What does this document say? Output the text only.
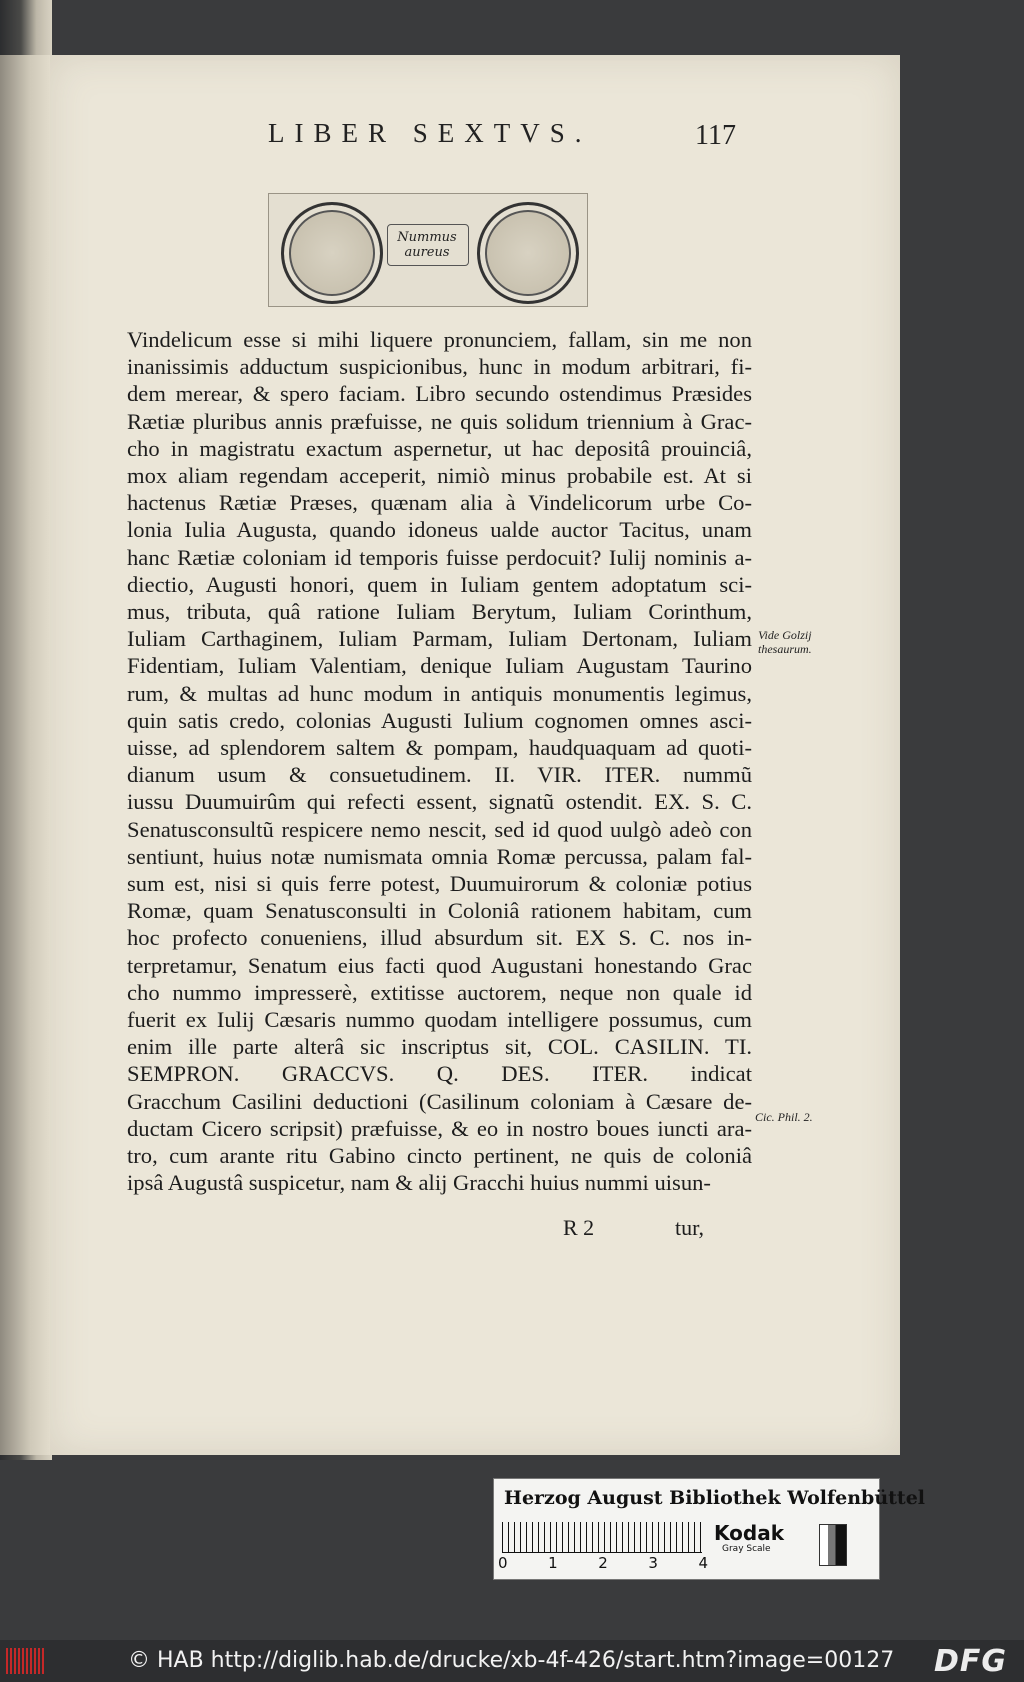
LIBER SEXTVS.	117
Nummus
aureus
Vindelicum esse si mihi liquere pronunciem, fallam, sin me non
inanissimis adductum suspicionibus, hunc in modum arbitrari, fi-
dem merear, & spero faciam. Libro secundo ostendimus Præsides
Rætiæ pluribus annis præfuisse, ne quis solidum triennium à Grac-
cho in magistratu exactum aspernetur, ut hac depositâ prouinciâ,
mox aliam regendam acceperit, nimiò minus probabile est. At si
hactenus Rætiæ Præses, quænam alia à Vindelicorum urbe Co-
lonia Iulia Augusta, quando idoneus ualde auctor Tacitus, unam
hanc Rætiæ coloniam id temporis fuisse perdocuit? Iulij nominis a-
diectio, Augusti honori, quem in Iuliam gentem adoptatum sci-
mus, tributa, quâ ratione Iuliam Berytum, Iuliam Corinthum,
Iuliam Carthaginem, Iuliam Parmam, Iuliam Dertonam, Iuliam
Fidentiam, Iuliam Valentiam, denique Iuliam Augustam Taurino
rum, & multas ad hunc modum in antiquis monumentis legimus,
quin satis credo, colonias Augusti Iulium cognomen omnes asci-
uisse, ad splendorem saltem & pompam, haudquaquam ad quoti-
dianum usum & consuetudinem. II. VIR. ITER. nummũ
iussu Duumuirûm qui refecti essent, signatũ ostendit. EX. S. C.
Senatusconsultũ respicere nemo nescit, sed id quod uulgò adeò con
sentiunt, huius notæ numismata omnia Romæ percussa, palam fal-
sum est, nisi si quis ferre potest, Duumuirorum & coloniæ potius
Romæ, quam Senatusconsulti in Coloniâ rationem habitam, cum
hoc profecto conueniens, illud absurdum sit. EX S. C. nos in-
terpretamur, Senatum eius facti quod Augustani honestando Grac
cho nummo impresserè, extitisse auctorem, neque non quale id
fuerit ex Iulij Cæsaris nummo quodam intelligere possumus, cum
enim ille parte alterâ sic inscriptus sit, COL. CASILIN. TI.
SEMPRON. GRACCVS. Q. DES. ITER. indicat
Gracchum Casilini deductioni (Casilinum coloniam à Cæsare de-
ductam Cicero scripsit) præfuisse, & eo in nostro boues iuncti ara-
tro, cum arante ritu Gabino cincto pertinent, ne quis de coloniâ
ipsâ Augustâ suspicetur, nam & alij Gracchi huius nummi uisun-
Vide Golzij
thesaurum.
Cic. Phil. 2.
R 2	tur,
Herzog August Bibliothek Wolfenbüttel
0	1	2	3	4
Kodak
Gray Scale
© HAB http://diglib.hab.de/drucke/xb-4f-426/start.htm?image=00127 DFG
